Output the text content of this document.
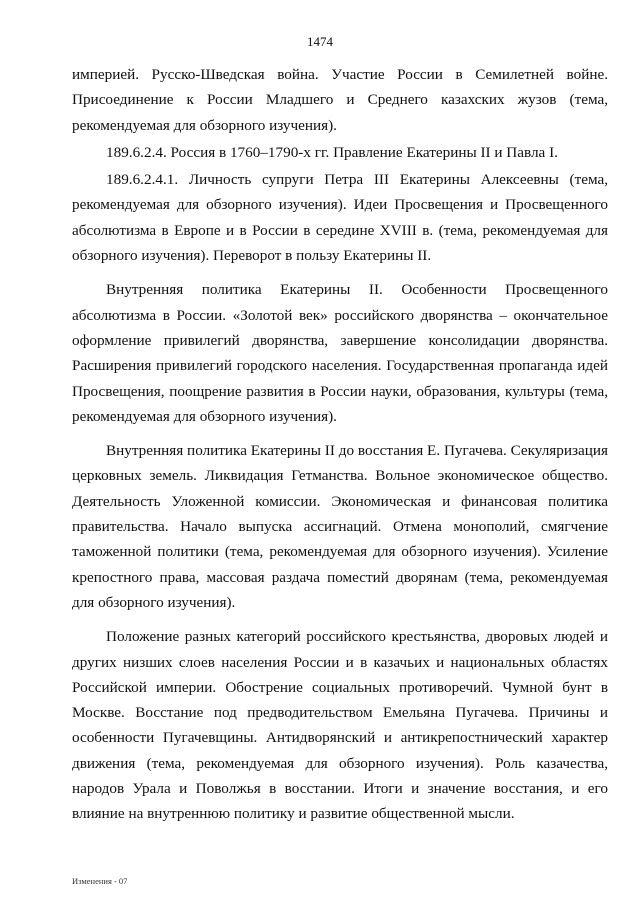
1474

империей. Русско-Шведская война. Участие России в Семилетней войне. Присоединение к России Младшего и Среднего казахских жузов (тема, рекомендуемая для обзорного изучения).

189.6.2.4. Россия в 1760–1790-х гг. Правление Екатерины II и Павла I.

189.6.2.4.1. Личность супруги Петра III Екатерины Алексеевны (тема, рекомендуемая для обзорного изучения). Идеи Просвещения и Просвещенного абсолютизма в Европе и в России в середине XVIII в. (тема, рекомендуемая для обзорного изучения). Переворот в пользу Екатерины II.

Внутренняя политика Екатерины II. Особенности Просвещенного абсолютизма в России. «Золотой век» российского дворянства – окончательное оформление привилегий дворянства, завершение консолидации дворянства. Расширения привилегий городского населения. Государственная пропаганда идей Просвещения, поощрение развития в России науки, образования, культуры (тема, рекомендуемая для обзорного изучения).

Внутренняя политика Екатерины II до восстания Е. Пугачева. Секуляризация церковных земель. Ликвидация Гетманства. Вольное экономическое общество. Деятельность Уложенной комиссии. Экономическая и финансовая политика правительства. Начало выпуска ассигнаций. Отмена монополий, смягчение таможенной политики (тема, рекомендуемая для обзорного изучения). Усиление крепостного права, массовая раздача поместий дворянам (тема, рекомендуемая для обзорного изучения).

Положение разных категорий российского крестьянства, дворовых людей и других низших слоев населения России и в казачьих и национальных областях Российской империи. Обострение социальных противоречий. Чумной бунт в Москве. Восстание под предводительством Емельяна Пугачева. Причины и особенности Пугачевщины. Антидворянский и антикрепостнический характер движения (тема, рекомендуемая для обзорного изучения). Роль казачества, народов Урала и Поволжья в восстании. Итоги и значение восстания, и его влияние на внутреннюю политику и развитие общественной мысли.

Изменения - 07
